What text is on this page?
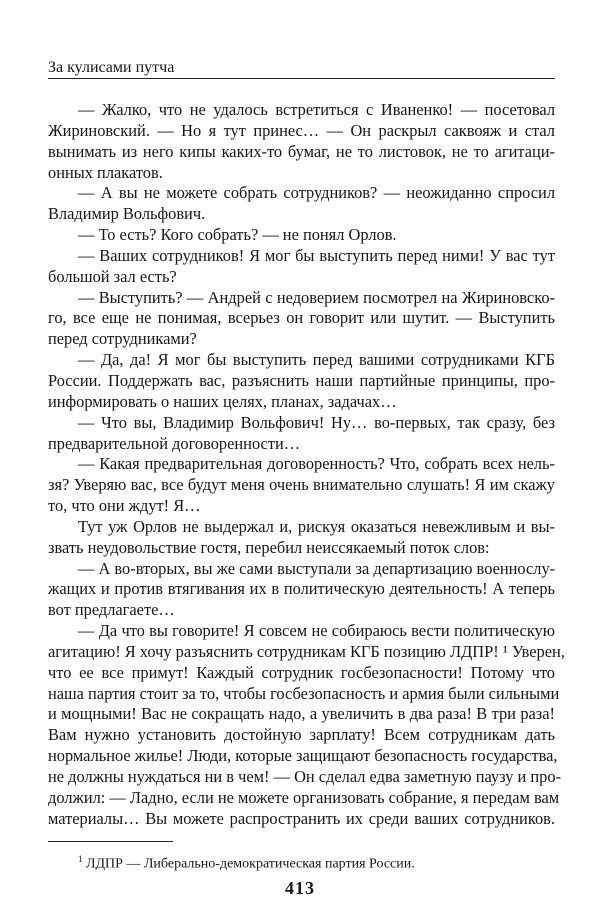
За кулисами путча
— Жалко, что не удалось встретиться с Иваненко! — посетовал
Жириновский. — Но я тут принес… — Он раскрыл саквояж и стал
вынимать из него кипы каких-то бумаг, не то листовок, не то агитаци-
онных плакатов.
— А вы не можете собрать сотрудников? — неожиданно спросил
Владимир Вольфович.
— То есть? Кого собрать? — не понял Орлов.
— Ваших сотрудников! Я мог бы выступить перед ними! У вас тут
большой зал есть?
— Выступить? — Андрей с недоверием посмотрел на Жириновско-
го, все еще не понимая, всерьез он говорит или шутит. — Выступить
перед сотрудниками?
— Да, да! Я мог бы выступить перед вашими сотрудниками КГБ
России. Поддержать вас, разъяснить наши партийные принципы, про-
информировать о наших целях, планах, задачах…
— Что вы, Владимир Вольфович! Ну… во-первых, так сразу, без
предварительной договоренности…
— Какая предварительная договоренность? Что, собрать всех нель-
зя? Уверяю вас, все будут меня очень внимательно слушать! Я им скажу
то, что они ждут! Я…
Тут уж Орлов не выдержал и, рискуя оказаться невежливым и вы-
звать неудовольствие гостя, перебил неиссякаемый поток слов:
— А во-вторых, вы же сами выступали за департизацию военнослу-
жащих и против втягивания их в политическую деятельность! А теперь
вот предлагаете…
— Да что вы говорите! Я совсем не собираюсь вести политическую
агитацию! Я хочу разъяснить сотрудникам КГБ позицию ЛДПР! ¹ Уверен,
что ее все примут! Каждый сотрудник госбезопасности! Потому что
наша партия стоит за то, чтобы госбезопасность и армия были сильными
и мощными! Вас не сокращать надо, а увеличить в два раза! В три раза!
Вам нужно установить достойную зарплату! Всем сотрудникам дать
нормальное жилье! Люди, которые защищают безопасность государства,
не должны нуждаться ни в чем! — Он сделал едва заметную паузу и про-
должил: — Ладно, если не можете организовать собрание, я передам вам
материалы… Вы можете распространить их среди ваших сотрудников.
$^1$ ЛДПР — Либерально-демократическая партия России.
413
